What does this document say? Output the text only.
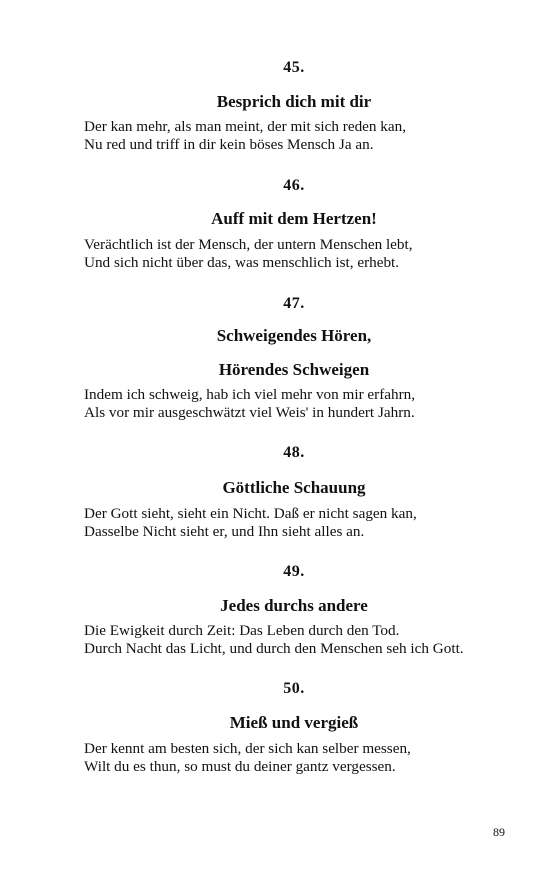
45.
Besprich dich mit dir
Der kan mehr, als man meint, der mit sich reden kan,
Nu red und triff in dir kein böses Mensch Ja an.
46.
Auff mit dem Hertzen!
Verächtlich ist der Mensch, der untern Menschen lebt,
Und sich nicht über das, was menschlich ist, erhebt.
47.
Schweigendes Hören,
Hörendes Schweigen
Indem ich schweig, hab ich viel mehr von mir erfahrn,
Als vor mir ausgeschwätzt viel Weis' in hundert Jahrn.
48.
Göttliche Schauung
Der Gott sieht, sieht ein Nicht. Daß er nicht sagen kan,
Dasselbe Nicht sieht er, und Ihn sieht alles an.
49.
Jedes durchs andere
Die Ewigkeit durch Zeit: Das Leben durch den Tod.
Durch Nacht das Licht, und durch den Menschen seh ich Gott.
50.
Mieß und vergieß
Der kennt am besten sich, der sich kan selber messen,
Wilt du es thun, so must du deiner gantz vergessen.
89
